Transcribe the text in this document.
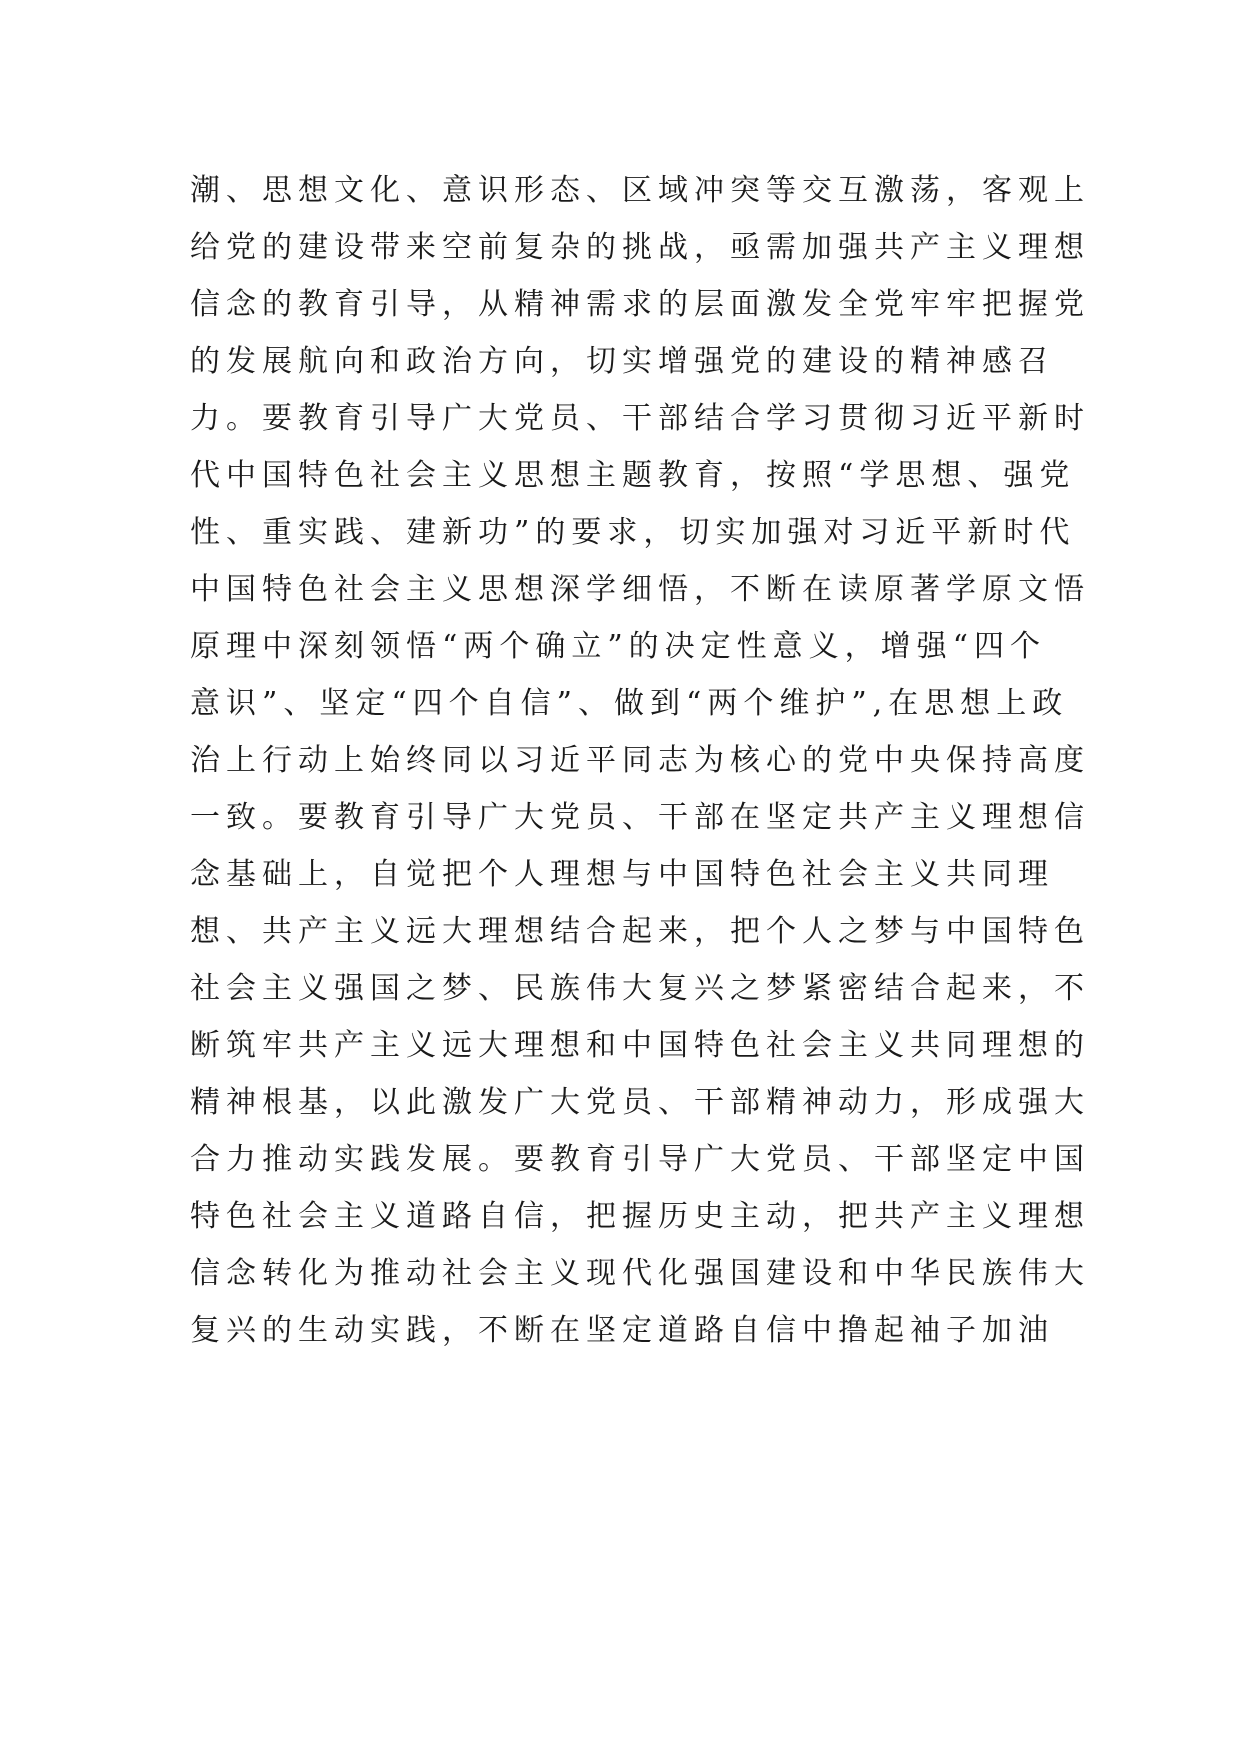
潮、思想文化、意识形态、区域冲突等交互激荡，客观上
给党的建设带来空前复杂的挑战，亟需加强共产主义理想
信念的教育引导，从精神需求的层面激发全党牢牢把握党
的发展航向和政治方向，切实增强党的建设的精神感召
力。要教育引导广大党员、干部结合学习贯彻习近平新时
代中国特色社会主义思想主题教育，按照“学思想、强党
性、重实践、建新功”的要求，切实加强对习近平新时代
中国特色社会主义思想深学细悟，不断在读原著学原文悟
原理中深刻领悟“两个确立”的决定性意义，增强“四个
意识”、坚定“四个自信”、做到“两个维护”,在思想上政
治上行动上始终同以习近平同志为核心的党中央保持高度
一致。要教育引导广大党员、干部在坚定共产主义理想信
念基础上，自觉把个人理想与中国特色社会主义共同理
想、共产主义远大理想结合起来，把个人之梦与中国特色
社会主义强国之梦、民族伟大复兴之梦紧密结合起来，不
断筑牢共产主义远大理想和中国特色社会主义共同理想的
精神根基，以此激发广大党员、干部精神动力，形成强大
合力推动实践发展。要教育引导广大党员、干部坚定中国
特色社会主义道路自信，把握历史主动，把共产主义理想
信念转化为推动社会主义现代化强国建设和中华民族伟大
复兴的生动实践，不断在坚定道路自信中撸起袖子加油
